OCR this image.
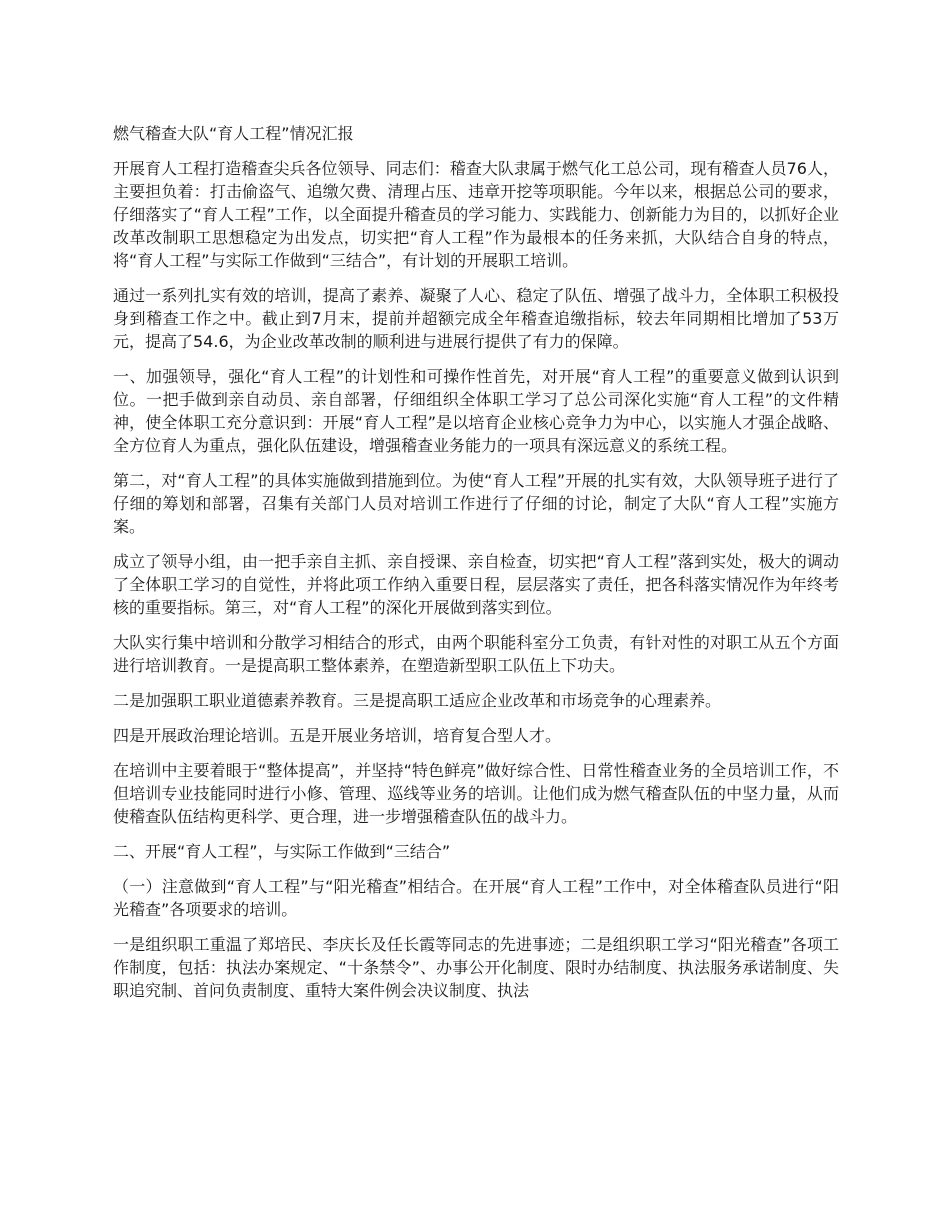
燃气稽查大队“育人工程”情况汇报

开展育人工程打造稽查尖兵各位领导、同志们：稽查大队隶属于燃气化工总公司，现有稽查人员76人，主要担负着：打击偷盗气、追缴欠费、清理占压、违章开挖等项职能。今年以来，根据总公司的要求，仔细落实了“育人工程”工作，以全面提升稽查员的学习能力、实践能力、创新能力为目的，以抓好企业改革改制职工思想稳定为出发点，切实把“育人工程”作为最根本的任务来抓，大队结合自身的特点，将“育人工程”与实际工作做到“三结合”，有计划的开展职工培训。

通过一系列扎实有效的培训，提高了素养、凝聚了人心、稳定了队伍、增强了战斗力，全体职工积极投身到稽查工作之中。截止到7月末，提前并超额完成全年稽查追缴指标，较去年同期相比增加了53万元，提高了54.6，为企业改革改制的顺利进与进展行提供了有力的保障。

一、加强领导，强化“育人工程”的计划性和可操作性首先，对开展“育人工程”的重要意义做到认识到位。一把手做到亲自动员、亲自部署，仔细组织全体职工学习了总公司深化实施“育人工程”的文件精神，使全体职工充分意识到：开展“育人工程”是以培育企业核心竞争力为中心，以实施人才强企战略、全方位育人为重点，强化队伍建设，增强稽查业务能力的一项具有深远意义的系统工程。

第二，对“育人工程”的具体实施做到措施到位。为使“育人工程”开展的扎实有效，大队领导班子进行了仔细的筹划和部署，召集有关部门人员对培训工作进行了仔细的讨论，制定了大队“育人工程”实施方案。

成立了领导小组，由一把手亲自主抓、亲自授课、亲自检查，切实把“育人工程”落到实处，极大的调动了全体职工学习的自觉性，并将此项工作纳入重要日程，层层落实了责任，把各科落实情况作为年终考核的重要指标。第三，对“育人工程”的深化开展做到落实到位。

大队实行集中培训和分散学习相结合的形式，由两个职能科室分工负责，有针对性的对职工从五个方面进行培训教育。一是提高职工整体素养，在塑造新型职工队伍上下功夫。

二是加强职工职业道德素养教育。三是提高职工适应企业改革和市场竞争的心理素养。

四是开展政治理论培训。五是开展业务培训，培育复合型人才。

在培训中主要着眼于“整体提高”，并坚持“特色鲜亮”做好综合性、日常性稽查业务的全员培训工作，不但培训专业技能同时进行小修、管理、巡线等业务的培训。让他们成为燃气稽查队伍的中坚力量，从而使稽查队伍结构更科学、更合理，进一步增强稽查队伍的战斗力。

二、开展“育人工程”，与实际工作做到“三结合”

（一）注意做到“育人工程”与“阳光稽查”相结合。在开展“育人工程”工作中，对全体稽查队员进行“阳光稽查”各项要求的培训。

一是组织职工重温了郑培民、李庆长及任长霞等同志的先进事迹；二是组织职工学习“阳光稽查”各项工作制度，包括：执法办案规定、“十条禁令”、办事公开化制度、限时办结制度、执法服务承诺制度、失职追究制、首问负责制度、重特大案件例会决议制度、执法
